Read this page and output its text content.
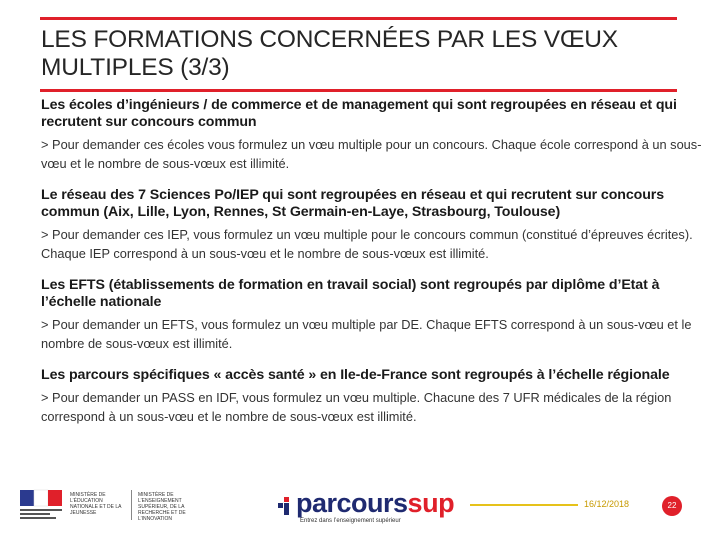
LES FORMATIONS CONCERNÉES PAR LES VŒUX MULTIPLES (3/3)
Les écoles d’ingénieurs / de commerce et de management qui sont regroupées en réseau et qui recrutent sur concours commun
> Pour demander ces écoles vous formulez un vœu multiple pour un concours. Chaque école correspond à un sous-vœu et le nombre de sous-vœux est illimité.
Le réseau des 7 Sciences Po/IEP qui sont regroupées en réseau et qui recrutent sur concours commun (Aix, Lille, Lyon, Rennes, St Germain-en-Laye, Strasbourg, Toulouse)
> Pour demander ces IEP, vous formulez un vœu multiple pour le concours commun (constitué d’épreuves écrites). Chaque IEP correspond à un sous-vœu et le nombre de sous-vœux est illimité.
Les EFTS (établissements de formation en travail social) sont regroupés par diplôme d’Etat à l’échelle nationale
> Pour demander un EFTS, vous formulez un vœu multiple par DE. Chaque EFTS correspond à un sous-vœu et le nombre de sous-vœux est illimité.
Les parcours spécifiques « accès santé » en Ile-de-France sont regroupés à l’échelle régionale
> Pour demander un PASS en IDF, vous formulez un vœu multiple. Chacune des 7 UFR médicales de la région correspond à un sous-vœu et le nombre de sous-vœux est illimité.
MINISTÈRE DE L’ÉDUCATION NATIONALE ET DE LA JEUNESSE
MINISTÈRE DE L’ENSEIGNEMENT SUPÉRIEUR, DE LA RECHERCHE ET DE L’INNOVATION
parcourssup
Entrez dans l’enseignement supérieur
16/12/2018	22
